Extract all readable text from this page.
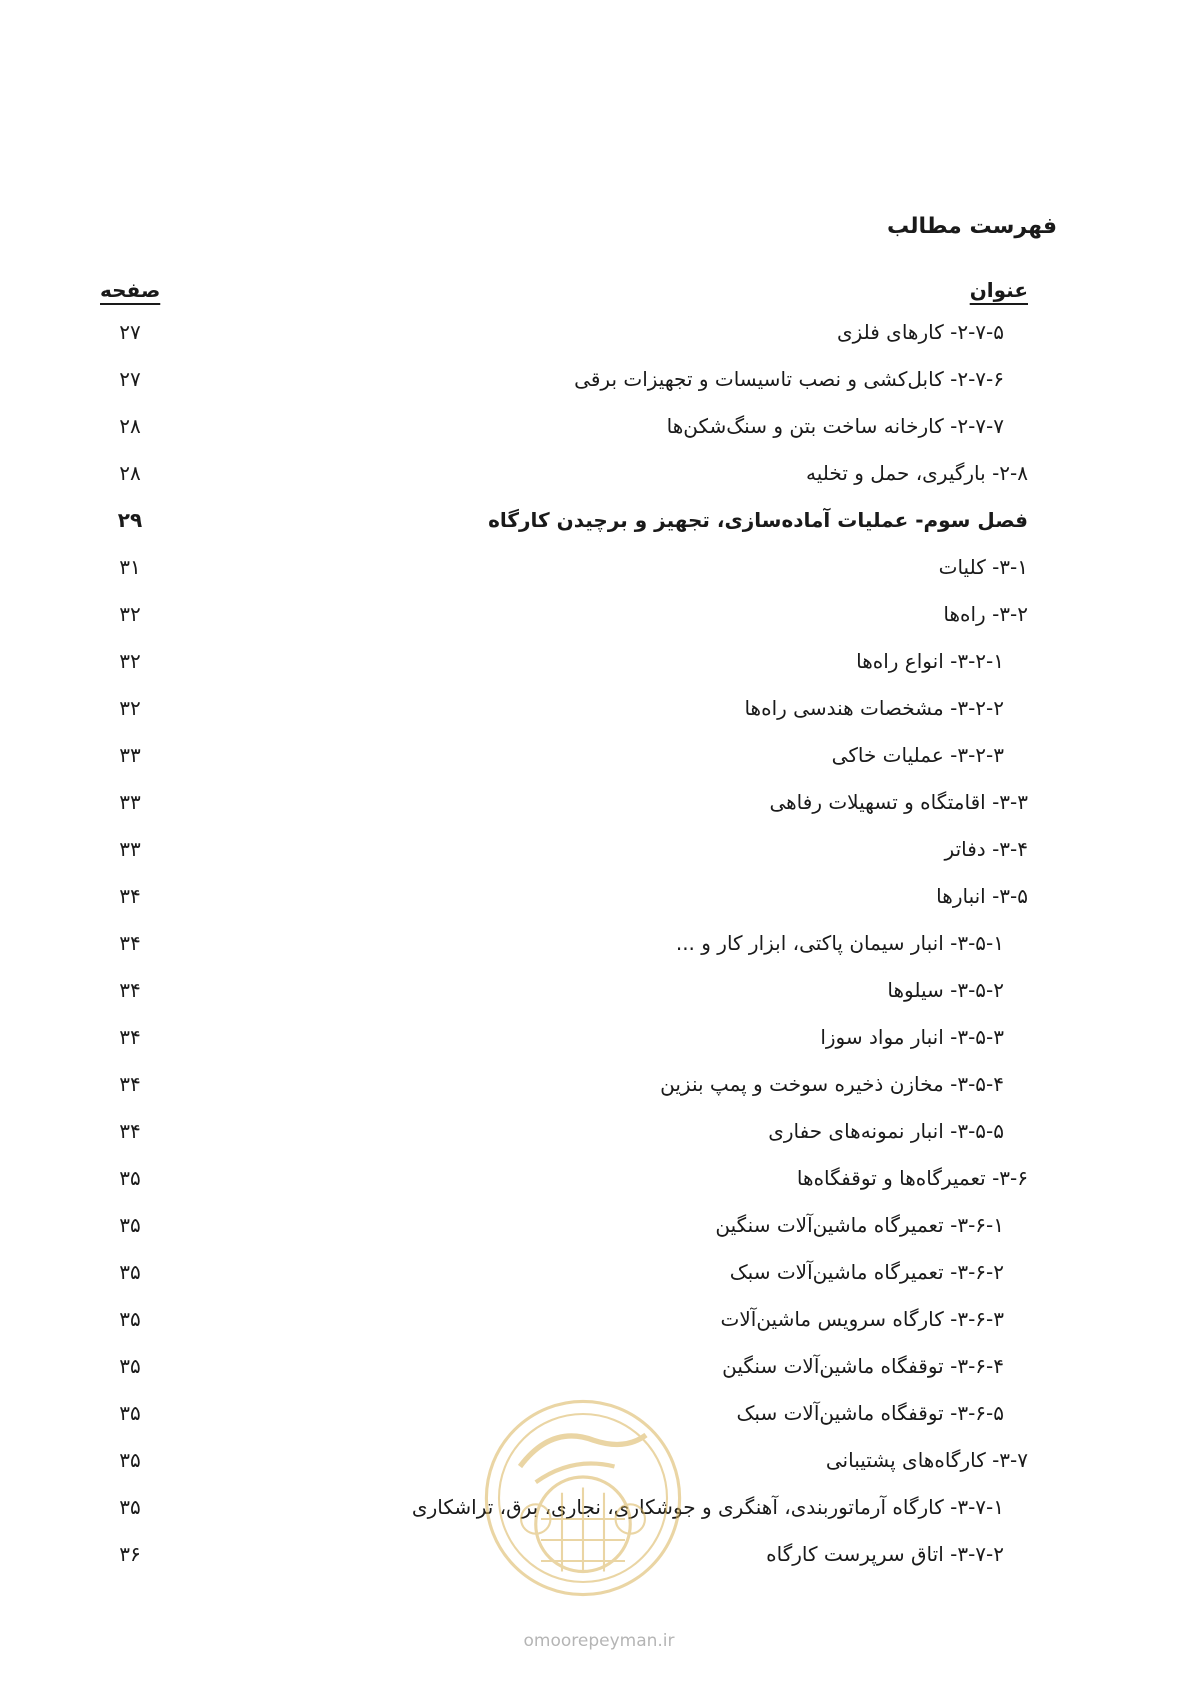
فهرست مطالب
عنوان
صفحه
۲-۷-۵- کارهای فلزی
۲۷
۲-۷-۶- کابل‌کشی و نصب تاسیسات و تجهیزات برقی
۲۷
۲-۷-۷- کارخانه ساخت بتن و سنگ‌شکن‌ها
۲۸
۲-۸- بارگیری، حمل و تخلیه
۲۸
فصل سوم- عملیات آماده‌سازی، تجهیز و برچیدن کارگاه
۲۹
۳-۱- کلیات
۳۱
۳-۲- راه‌ها
۳۲
۳-۲-۱- انواع راه‌ها
۳۲
۳-۲-۲- مشخصات هندسی راه‌ها
۳۲
۳-۲-۳- عملیات خاکی
۳۳
۳-۳- اقامتگاه و تسهیلات رفاهی
۳۳
۳-۴- دفاتر
۳۳
۳-۵- انبارها
۳۴
۳-۵-۱- انبار سیمان پاکتی، ابزار کار و ...
۳۴
۳-۵-۲- سیلوها
۳۴
۳-۵-۳- انبار مواد سوزا
۳۴
۳-۵-۴- مخازن ذخیره سوخت و پمپ بنزین
۳۴
۳-۵-۵- انبار نمونه‌های حفاری
۳۴
۳-۶- تعمیرگاه‌ها و توقفگاه‌ها
۳۵
۳-۶-۱- تعمیرگاه ماشین‌آلات سنگین
۳۵
۳-۶-۲- تعمیرگاه ماشین‌آلات سبک
۳۵
۳-۶-۳- کارگاه سرویس ماشین‌آلات
۳۵
۳-۶-۴- توقفگاه ماشین‌آلات سنگین
۳۵
۳-۶-۵- توقفگاه ماشین‌آلات سبک
۳۵
۳-۷- کارگاه‌های پشتیبانی
۳۵
۳-۷-۱- کارگاه آرماتوربندی، آهنگری و جوشکاری، نجاری، برق، تراشکاری
۳۵
۳-۷-۲- اتاق سرپرست کارگاه
۳۶
omoorepeyman.ir
